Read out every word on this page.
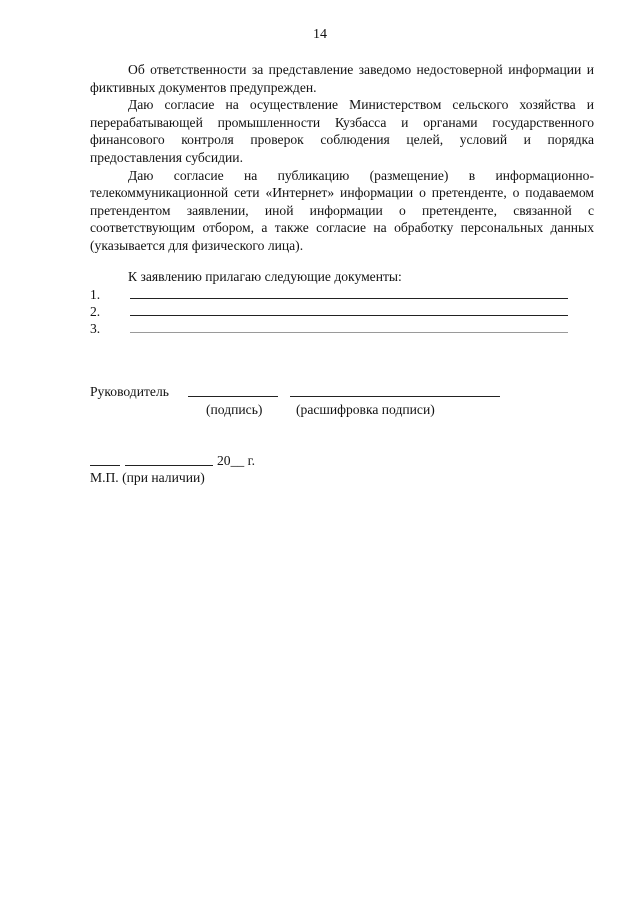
14

Об ответственности за представление заведомо недостоверной информации и фиктивных документов предупрежден.

Даю согласие на осуществление Министерством сельского хозяйства и перерабатывающей промышленности Кузбасса и органами государственного финансового контроля проверок соблюдения целей, условий и порядка предоставления субсидии.

Даю согласие на публикацию (размещение) в информационно-телекоммуникационной сети «Интернет» информации о претенденте, о подаваемом претендентом заявлении, иной информации о претенденте, связанной с соответствующим отбором, а также согласие на обработку персональных данных (указывается для физического лица).

К заявлению прилагаю следующие документы:
1.
2.
3.
Руководитель
(подпись) (расшифровка подписи)
20__ г.
М.П. (при наличии)
